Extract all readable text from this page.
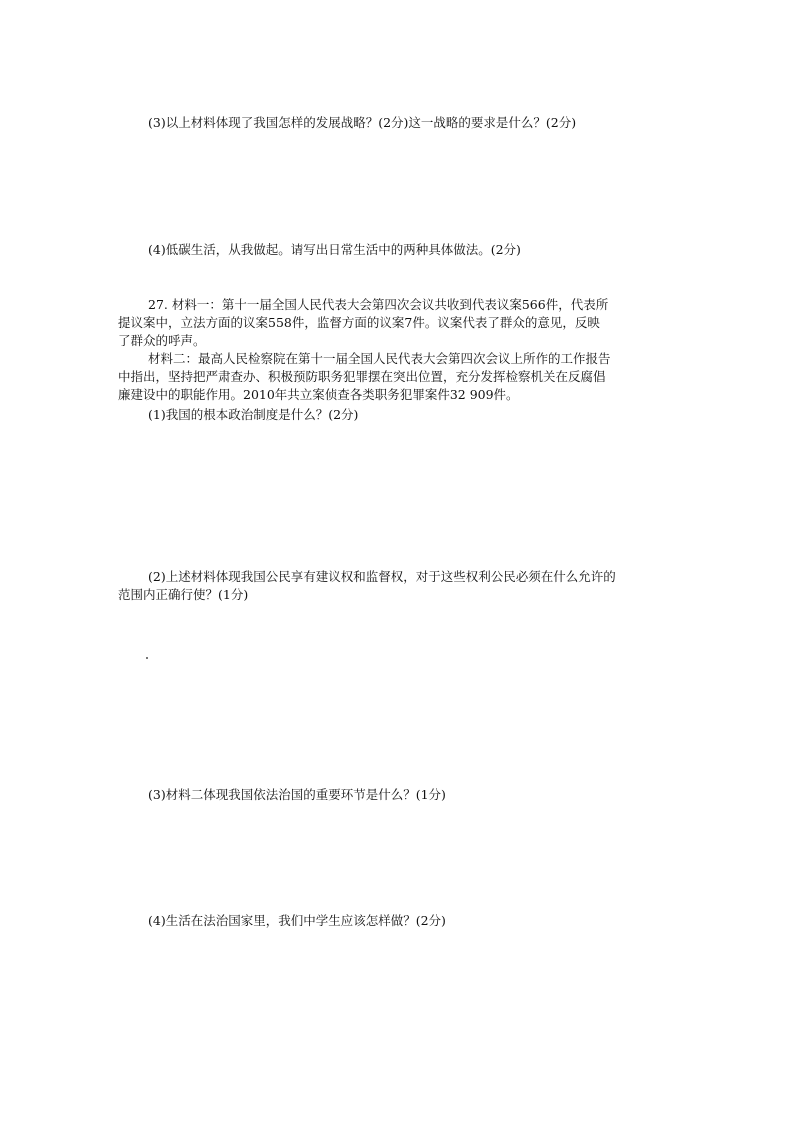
(3)以上材料体现了我国怎样的发展战略？(2分)这一战略的要求是什么？(2分)
(4)低碳生活，从我做起。请写出日常生活中的两种具体做法。(2分)
27. 材料一：第十一届全国人民代表大会第四次会议共收到代表议案566件，代表所
提议案中，立法方面的议案558件，监督方面的议案7件。议案代表了群众的意见，反映
了群众的呼声。
材料二：最高人民检察院在第十一届全国人民代表大会第四次会议上所作的工作报告
中指出，坚持把严肃查办、积极预防职务犯罪摆在突出位置，充分发挥检察机关在反腐倡
廉建设中的职能作用。2010年共立案侦查各类职务犯罪案件32 909件。
(1)我国的根本政治制度是什么？(2分)
(2)上述材料体现我国公民享有建议权和监督权，对于这些权利公民必须在什么允许的
范围内正确行使？(1分)
(3)材料二体现我国依法治国的重要环节是什么？(1分)
(4)生活在法治国家里，我们中学生应该怎样做？(2分)
